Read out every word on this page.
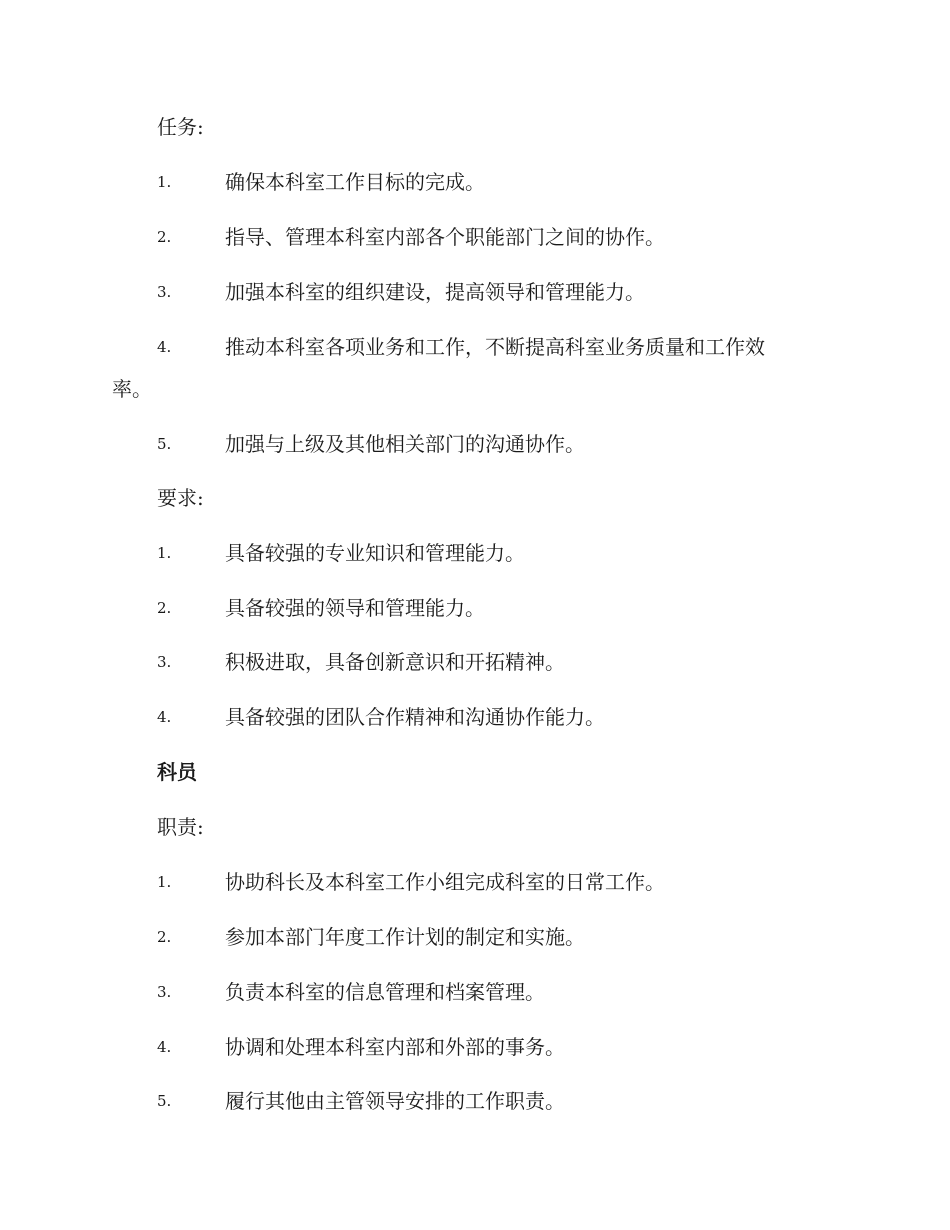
任务:
1.	确保本科室工作目标的完成。
2.	指导、管理本科室内部各个职能部门之间的协作。
3.	加强本科室的组织建设，提高领导和管理能力。
4.	推动本科室各项业务和工作，不断提高科室业务质量和工作效
率。
5.	加强与上级及其他相关部门的沟通协作。
要求:
1.	具备较强的专业知识和管理能力。
2.	具备较强的领导和管理能力。
3.	积极进取，具备创新意识和开拓精神。
4.	具备较强的团队合作精神和沟通协作能力。
科员
职责:
1.	协助科长及本科室工作小组完成科室的日常工作。
2.	参加本部门年度工作计划的制定和实施。
3.	负责本科室的信息管理和档案管理。
4.	协调和处理本科室内部和外部的事务。
5.	履行其他由主管领导安排的工作职责。
